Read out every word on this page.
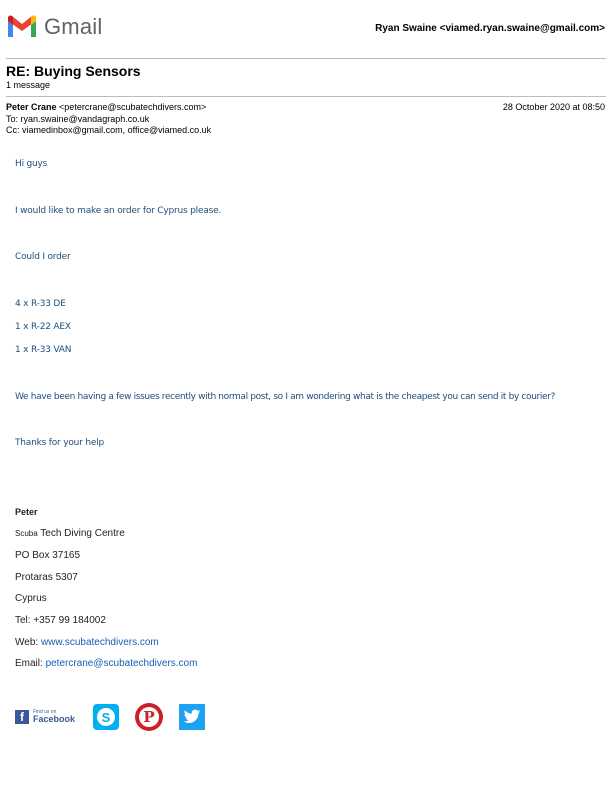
Gmail	Ryan Swaine <viamed.ryan.swaine@gmail.com>
RE: Buying Sensors
1 message
Peter Crane <petercrane@scubatechdivers.com>	28 October 2020 at 08:50
To: ryan.swaine@vandagraph.co.uk
Cc: viamedinbox@gmail.com, office@viamed.co.uk
Hi guys
I would like to make an order for Cyprus please.
Could I order
4 x R-33 DE
1 x R-22 AEX
1 x R-33 VAN
We have been having a few issues recently with normal post, so I am wondering what is the cheapest you can send it by courier?
Thanks for your help
Peter
Scuba Tech Diving Centre
PO Box 37165
Protaras 5307
Cyprus
Tel: +357 99 184002
Web: www.scubatechdivers.com
Email: petercrane@scubatechdivers.com
f	Find us on
Facebook	S	P
